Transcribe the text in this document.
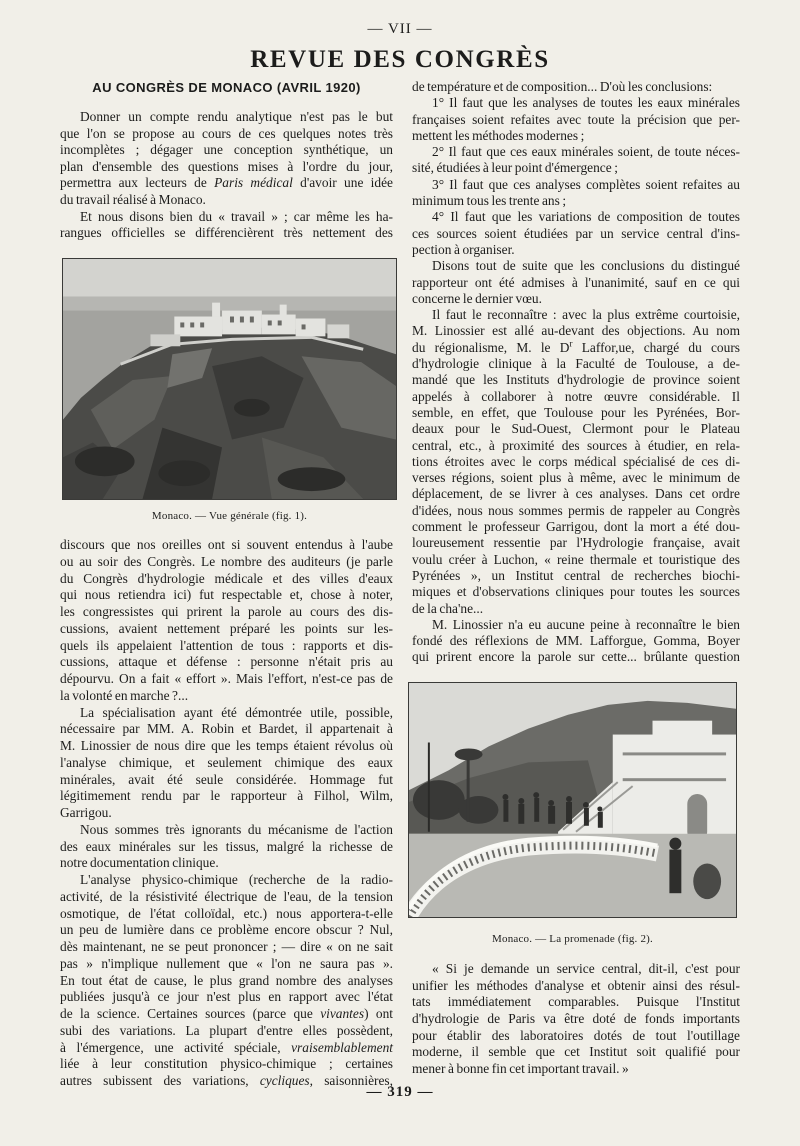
— VII —
REVUE DES CONGRÈS
AU CONGRÈS DE MONACO (AVRIL 1920)
Donner un compte rendu analytique n'est pas le but
que l'on se propose au cours de ces quelques notes très
incomplètes ; dégager une conception synthétique, un
plan d'ensemble des questions mises à l'ordre du jour,
permettra aux lecteurs de Paris médical d'avoir une idée
du travail réalisé à Monaco.
Et nous disons bien du « travail » ; car même les ha-
rangues officielles se différencièrent très nettement des
Monaco. — Vue générale (fig. 1).
discours que nos oreilles ont si souvent entendus à l'aube
ou au soir des Congrès. Le nombre des auditeurs (je parle
du Congrès d'hydrologie médicale et des villes d'eaux
qui nous retiendra ici) fut respectable et, chose à noter,
les congressistes qui prirent la parole au cours des dis-
cussions, avaient nettement préparé les points sur les-
quels ils appelaient l'attention de tous : rapports et dis-
cussions, attaque et défense : personne n'était pris au
dépourvu. On a fait « effort ». Mais l'effort, n'est-ce pas de
la volonté en marche ?...
La spécialisation ayant été démontrée utile, possible,
nécessaire par MM. A. Robin et Bardet, il appartenait à
M. Linossier de nous dire que les temps étaient révolus où
l'analyse chimique, et seulement chimique des eaux
minérales, avait été seule considérée. Hommage fut
légitimement rendu par le rapporteur à Filhol, Wilm,
Garrigou.
Nous sommes très ignorants du mécanisme de l'action
des eaux minérales sur les tissus, malgré la richesse de
notre documentation clinique.
L'analyse physico-chimique (recherche de la radio-
activité, de la résistivité électrique de l'eau, de la tension
osmotique, de l'état colloïdal, etc.) nous apportera-t-elle
un peu de lumière dans ce problème encore obscur ? Nul,
dès maintenant, ne se peut prononcer ; — dire « on ne sait
pas » n'implique nullement que « l'on ne saura pas ».
En tout état de cause, le plus grand nombre des analyses
publiées jusqu'à ce jour n'est plus en rapport avec l'état
de la science. Certaines sources (parce que vivantes) ont
subi des variations. La plupart d'entre elles possèdent,
à l'émergence, une activité spéciale, vraisemblablement
liée à leur constitution physico-chimique ; certaines
autres subissent des variations, cycliques, saisonnières,
de température et de composition... D'où les conclusions:
1° Il faut que les analyses de toutes les eaux minérales
françaises soient refaites avec toute la précision que per-
mettent les méthodes modernes ;
2° Il faut que ces eaux minérales soient, de toute néces-
sité, étudiées à leur point d'émergence ;
3° Il faut que ces analyses complètes soient refaites au
minimum tous les trente ans ;
4° Il faut que les variations de composition de toutes
ces sources soient étudiées par un service central d'ins-
pection à organiser.
Disons tout de suite que les conclusions du distingué
rapporteur ont été admises à l'unanimité, sauf en ce qui
concerne le dernier vœu.
Il faut le reconnaître : avec la plus extrême courtoisie,
M. Linossier est allé au-devant des objections. Au nom
du régionalisme, M. le $D^r$ Laffor,ue, chargé du cours
d'hydrologie clinique à la Faculté de Toulouse, a de-
mandé que les Instituts d'hydrologie de province soient
appelés à collaborer à notre œuvre considérable. Il
semble, en effet, que Toulouse pour les Pyrénées, Bor-
deaux pour le Sud-Ouest, Clermont pour le Plateau
central, etc., à proximité des sources à étudier, en rela-
tions étroites avec le corps médical spécialisé de ces di-
verses régions, soient plus à même, avec le minimum de
déplacement, de se livrer à ces analyses. Dans cet ordre
d'idées, nous nous sommes permis de rappeler au Congrès
comment le professeur Garrigou, dont la mort a été dou-
loureusement ressentie par l'Hydrologie française, avait
voulu créer à Luchon, « reine thermale et touristique des
Pyrénées », un Institut central de recherches biochi-
miques et d'observations cliniques pour toutes les sources
de la cha'ne...
M. Linossier n'a eu aucune peine à reconnaître le bien
fondé des réflexions de MM. Lafforgue, Gomma, Boyer
qui prirent encore la parole sur cette... brûlante question
Monaco. — La promenade (fig. 2).
« Si je demande un service central, dit-il, c'est pour
unifier les méthodes d'analyse et obtenir ainsi des résul-
tats immédiatement comparables. Puisque l'Institut
d'hydrologie de Paris va être doté de fonds importants
pour établir des laboratoires dotés de tout l'outillage
moderne, il semble que cet Institut soit qualifié pour
mener à bonne fin cet important travail. »
— 319 —
